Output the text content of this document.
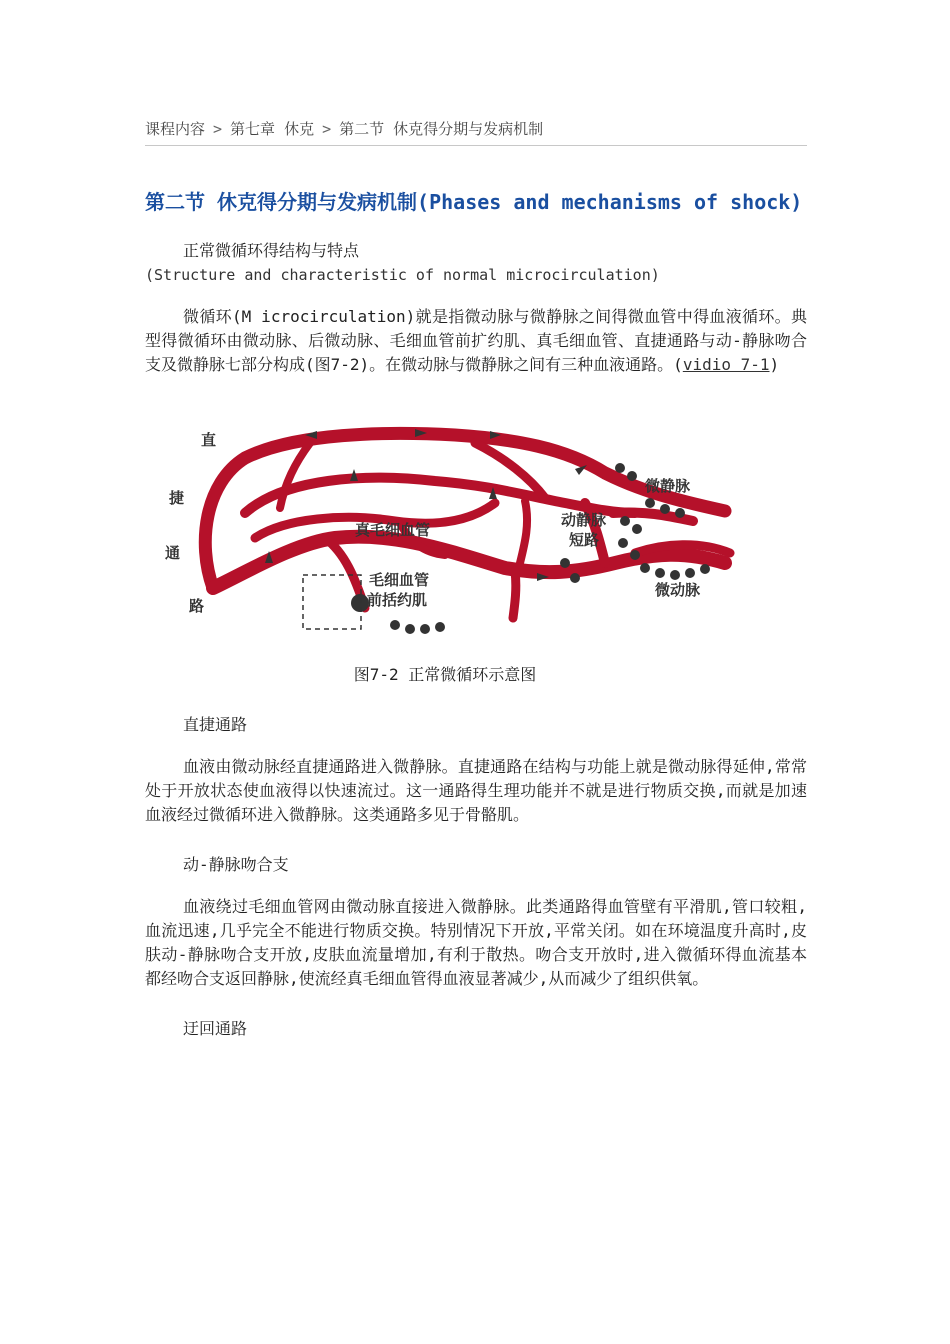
课程内容 > 第七章 休克 > 第二节 休克得分期与发病机制
第二节 休克得分期与发病机制(Phases and mechanisms of shock)

正常微循环得结构与特点

(Structure and characteristic of normal microcirculation)

微循环(M icrocirculation)就是指微动脉与微静脉之间得微血管中得血液循环。典型得微循环由微动脉、后微动脉、毛细血管前扩约肌、真毛细血管、直捷通路与动-静脉吻合支及微静脉七部分构成(图7-2)。在微动脉与微静脉之间有三种血液通路。(vidio 7-1)

直
捷
通
路
真毛细血管
微静脉
动静脉
短路
毛细血管
前括约肌
微动脉

图7-2 正常微循环示意图

直捷通路

血液由微动脉经直捷通路进入微静脉。直捷通路在结构与功能上就是微动脉得延伸,常常处于开放状态使血液得以快速流过。这一通路得生理功能并不就是进行物质交换,而就是加速血液经过微循环进入微静脉。这类通路多见于骨骼肌。

动-静脉吻合支

血液绕过毛细血管网由微动脉直接进入微静脉。此类通路得血管壁有平滑肌,管口较粗,血流迅速,几乎完全不能进行物质交换。特别情况下开放,平常关闭。如在环境温度升高时,皮肤动-静脉吻合支开放,皮肤血流量增加,有利于散热。吻合支开放时,进入微循环得血流基本都经吻合支返回静脉,使流经真毛细血管得血液显著减少,从而减少了组织供氧。

迂回通路
